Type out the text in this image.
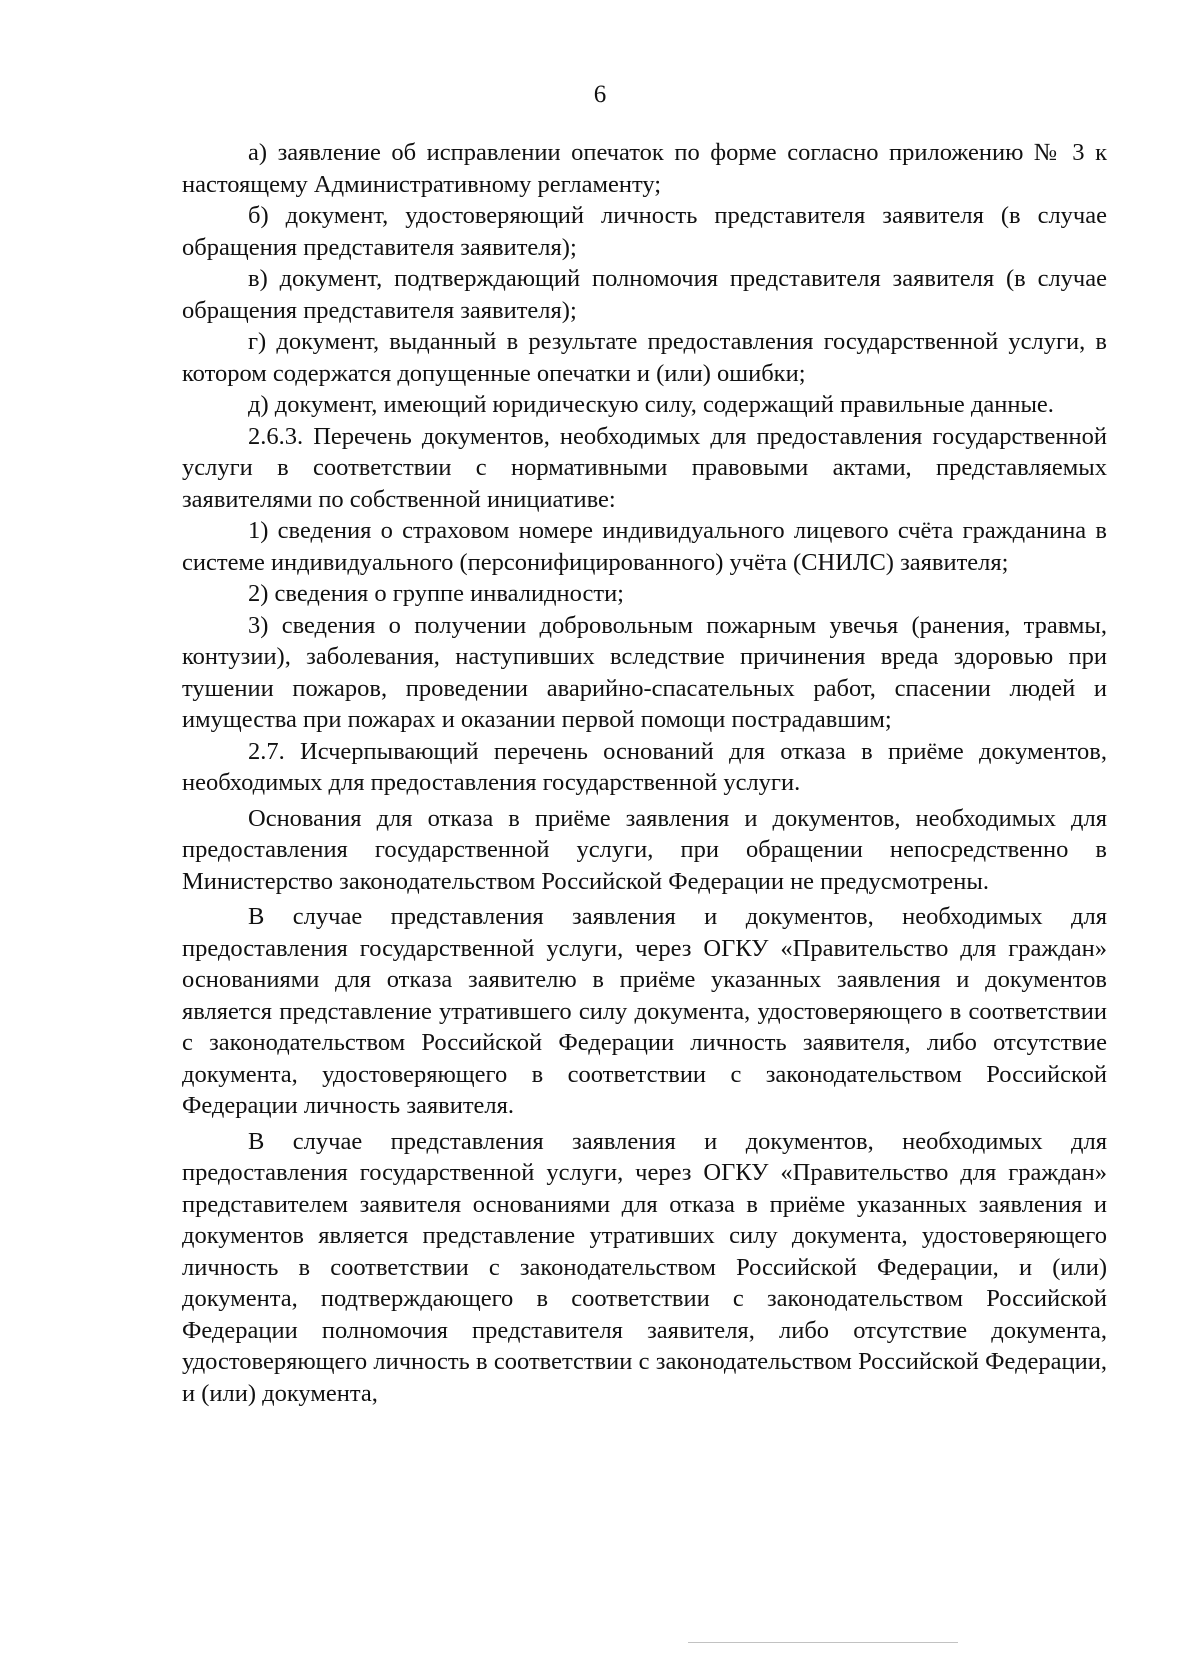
6

а) заявление об исправлении опечаток по форме согласно приложению № 3 к настоящему Административному регламенту;

б) документ, удостоверяющий личность представителя заявителя (в случае обращения представителя заявителя);

в) документ, подтверждающий полномочия представителя заявителя (в случае обращения представителя заявителя);

г) документ, выданный в результате предоставления государственной услуги, в котором содержатся допущенные опечатки и (или) ошибки;

д) документ, имеющий юридическую силу, содержащий правильные данные.

2.6.3. Перечень документов, необходимых для предоставления государственной услуги в соответствии с нормативными правовыми актами, представляемых заявителями по собственной инициативе:

1) сведения о страховом номере индивидуального лицевого счёта гражданина в системе индивидуального (персонифицированного) учёта (СНИЛС) заявителя;

2) сведения о группе инвалидности;

3) сведения о получении добровольным пожарным увечья (ранения, травмы, контузии), заболевания, наступивших вследствие причинения вреда здоровью при тушении пожаров, проведении аварийно-спасательных работ, спасении людей и имущества при пожарах и оказании первой помощи пострадавшим;

2.7. Исчерпывающий перечень оснований для отказа в приёме документов, необходимых для предоставления государственной услуги.

Основания для отказа в приёме заявления и документов, необходимых для предоставления государственной услуги, при обращении непосредственно в Министерство законодательством Российской Федерации не предусмотрены.

В случае представления заявления и документов, необходимых для предоставления государственной услуги, через ОГКУ «Правительство для граждан» основаниями для отказа заявителю в приёме указанных заявления и документов является представление утратившего силу документа, удостоверяющего в соответствии с законодательством Российской Федерации личность заявителя, либо отсутствие документа, удостоверяющего в соответствии с законодательством Российской Федерации личность заявителя.

В случае представления заявления и документов, необходимых для предоставления государственной услуги, через ОГКУ «Правительство для граждан» представителем заявителя основаниями для отказа в приёме указанных заявления и документов является представление утративших силу документа, удостоверяющего личность в соответствии с законодательством Российской Федерации, и (или) документа, подтверждающего в соответствии с законодательством Российской Федерации полномочия представителя заявителя, либо отсутствие документа, удостоверяющего личность в соответствии с законодательством Российской Федерации, и (или) документа,
